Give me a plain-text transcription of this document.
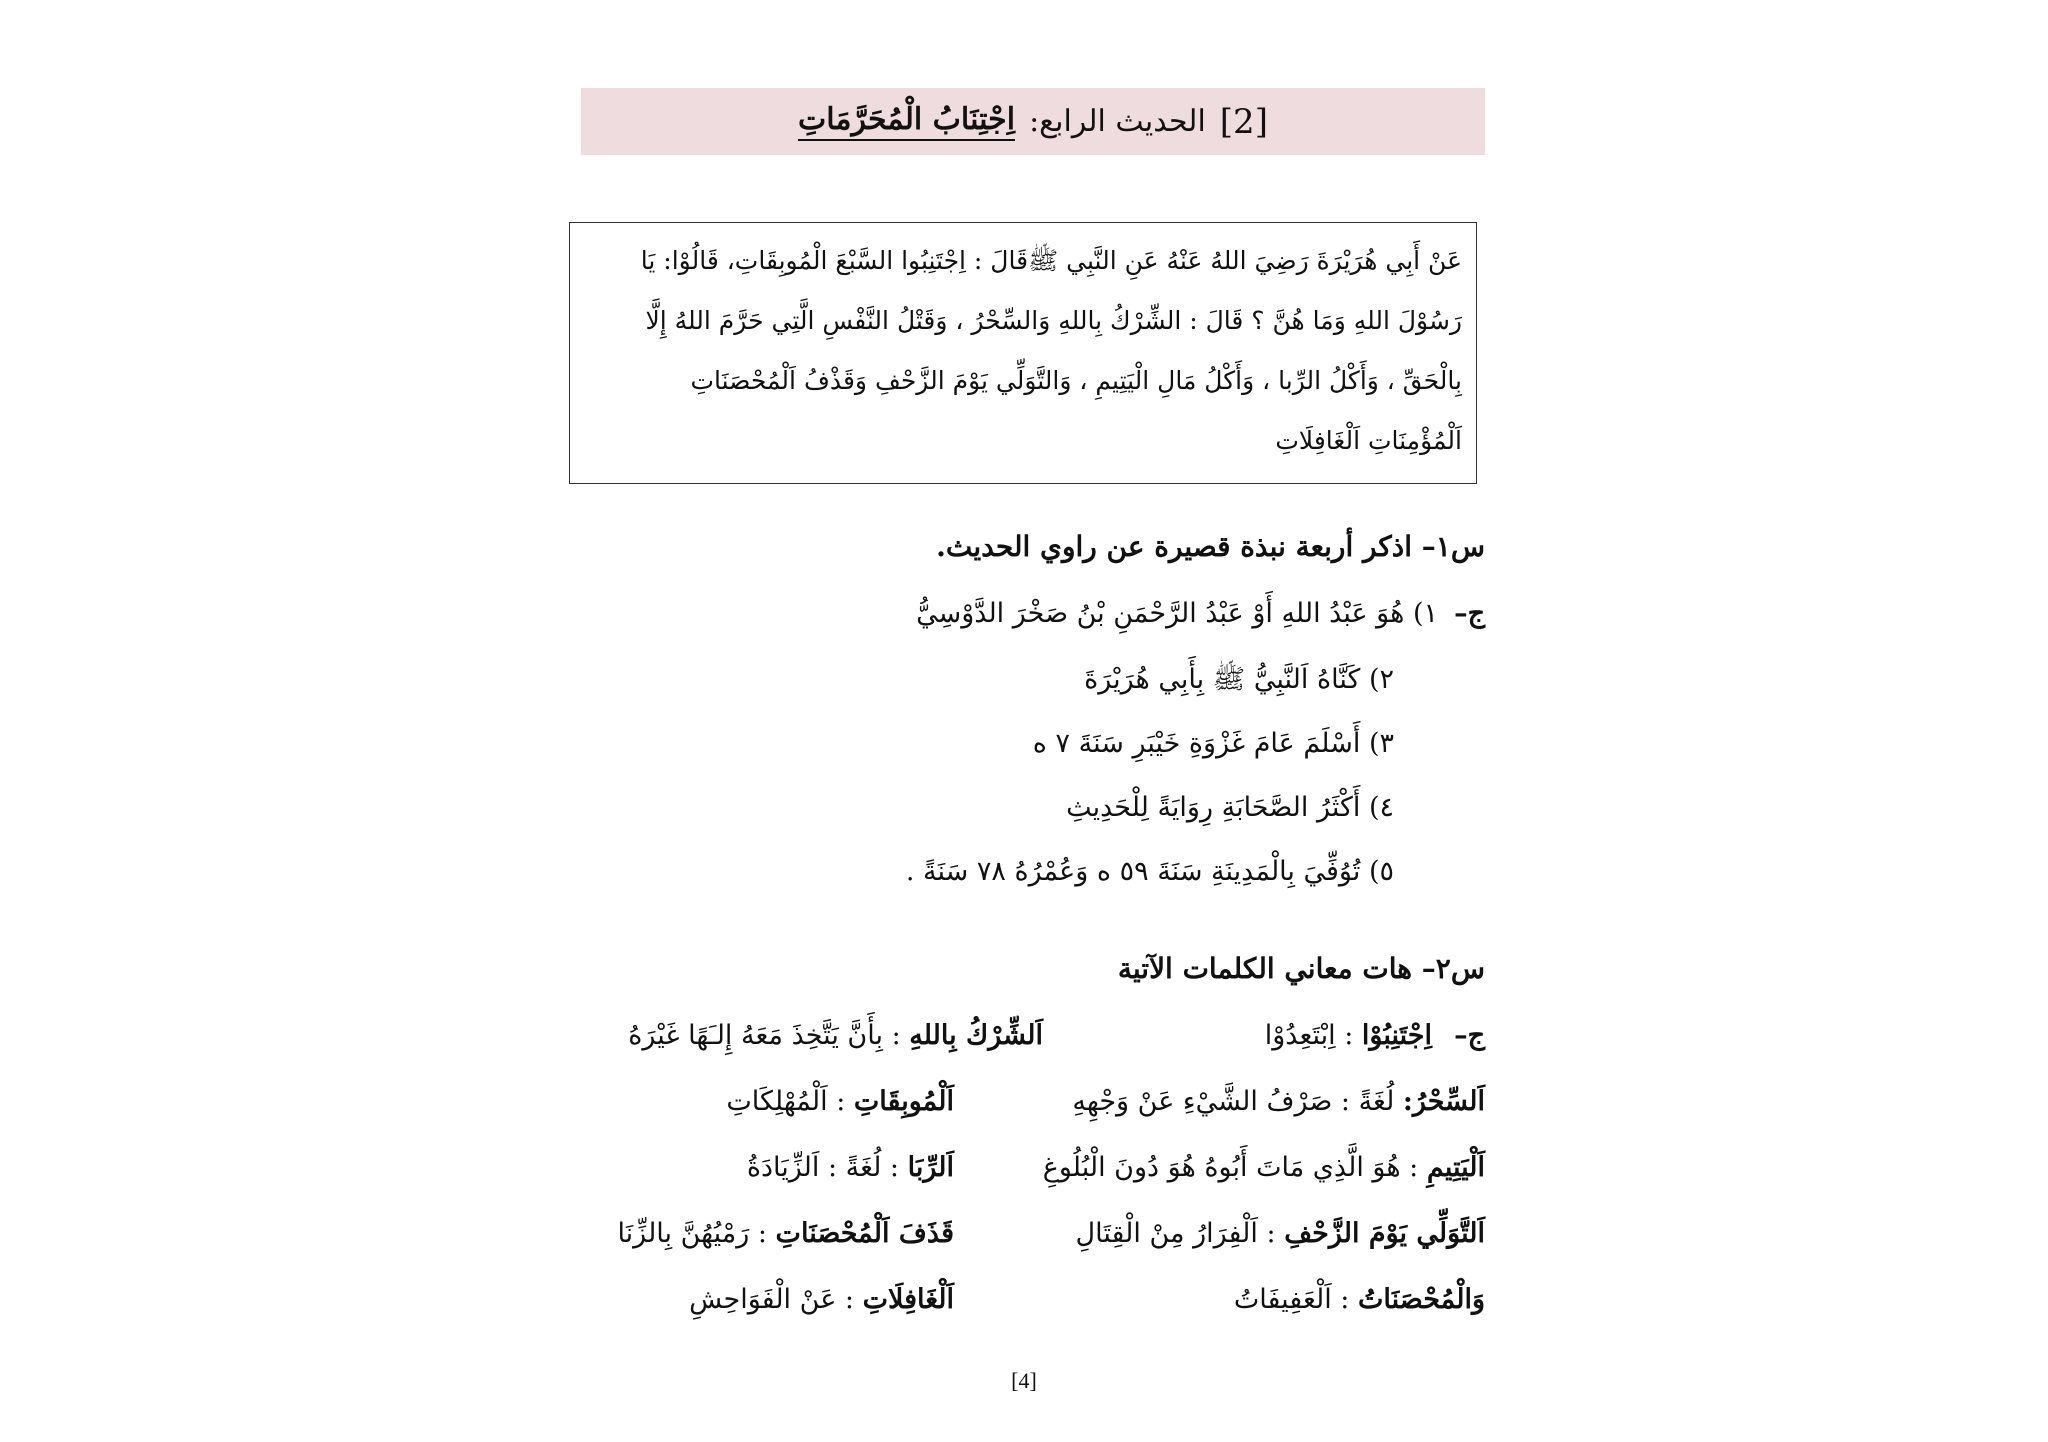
[2]
الحديث الرابع:
اِجْتِنَابُ الْمُحَرَّمَاتِ
عَنْ أَبِي هُرَيْرَةَ رَضِيَ اللهُ عَنْهُ عَنِ النَّبِي ﷺقَالَ : اِجْتَنِبُوا السَّبْعَ الْمُوبِقَاتِ، قَالُوْا: يَا
رَسُوْلَ اللهِ وَمَا هُنَّ ؟ قَالَ : الشِّرْكُ بِاللهِ وَالسِّحْرُ ، وَقَتْلُ النَّفْسِ الَّتِي حَرَّمَ اللهُ إِلَّا
بِالْحَقِّ ، وَأَكْلُ الرِّبا ، وَأَكْلُ مَالِ الْيَتِيمِ ، وَالتَّوَلِّي يَوْمَ الزَّحْفِ وَقَذْفُ اَلْمُحْصَنَاتِ
اَلْمُؤْمِنَاتِ اَلْغَافِلَاتِ
س١– اذكر أربعة نبذة قصيرة عن راوي الحديث.
ج–
١) هُوَ عَبْدُ اللهِ أَوْ عَبْدُ الرَّحْمَنِ بْنُ صَخْرَ الدَّوْسِيُّ
٢) كَنَّاهُ اَلنَّبِيُّ ﷺ بِأَبِي هُرَيْرَةَ
٣) أَسْلَمَ عَامَ غَزْوَةِ خَيْبَرِ سَنَةَ ٧ ه
٤) أَكْثَرُ الصَّحَابَةِ رِوَايَةً لِلْحَدِيثِ
٥) تُوُفِّيَ بِالْمَدِينَةِ سَنَةَ ٥٩ ه وَعُمْرُهُ ٧٨ سَنَةً .
س٢– هات معاني الكلمات الآتية
ج–
اِجْتَنِبُوْا : اِبْتَعِدُوْا
اَلشِّرْكُ بِاللهِ : بِأَنَّ يَتَّخِذَ مَعَهُ إِلـَهًا غَيْرَهُ
اَلسِّحْرُ: لُغَةً : صَرْفُ الشَّيْءِ عَنْ وَجْهِهِ
اَلْمُوبِقَاتِ : اَلْمُهْلِكَاتِ
اَلْيَتِيمِ : هُوَ الَّذِي مَاتَ أَبُوهُ هُوَ دُونَ الْبُلُوغِ
اَلرِّبَا : لُغَةً : اَلزِّيَادَةُ
اَلتَّوَلِّي يَوْمَ الزَّحْفِ : اَلْفِرَارُ مِنْ الْقِتَالِ
قَذَفَ اَلْمُحْصَنَاتِ : رَمْيُهُنَّ بِالزِّنَا
وَالْمُحْصَنَاتُ : اَلْعَفِيفَاتُ
اَلْغَافِلَاتِ : عَنْ الْفَوَاحِشِ
[4]
